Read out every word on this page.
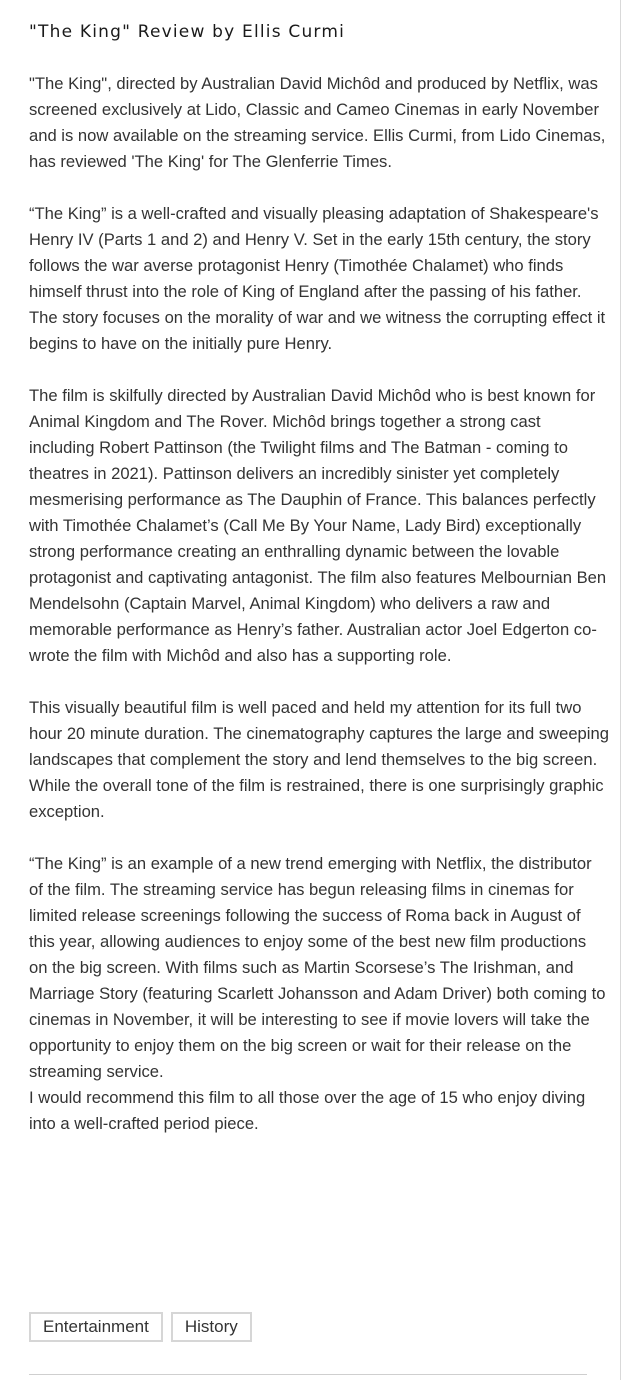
"The King" Review by Ellis Curmi

"The King", directed by Australian David Michôd and produced by Netflix, was screened exclusively at Lido, Classic and Cameo Cinemas in early November and is now available on the streaming service. Ellis Curmi, from Lido Cinemas, has reviewed 'The King' for The Glenferrie Times.

“The King” is a well-crafted and visually pleasing adaptation of Shakespeare's Henry IV (Parts 1 and 2) and Henry V. Set in the early 15th century, the story follows the war averse protagonist Henry (Timothée Chalamet) who finds himself thrust into the role of King of England after the passing of his father. The story focuses on the morality of war and we witness the corrupting effect it begins to have on the initially pure Henry.

The film is skilfully directed by Australian David Michôd who is best known for Animal Kingdom and The Rover. Michôd brings together a strong cast including Robert Pattinson (the Twilight films and The Batman - coming to theatres in 2021). Pattinson delivers an incredibly sinister yet completely mesmerising performance as The Dauphin of France. This balances perfectly with Timothée Chalamet’s (Call Me By Your Name, Lady Bird) exceptionally strong performance creating an enthralling dynamic between the lovable protagonist and captivating antagonist. The film also features Melbournian Ben Mendelsohn (Captain Marvel, Animal Kingdom) who delivers a raw and memorable performance as Henry’s father. Australian actor Joel Edgerton co-wrote the film with Michôd and also has a supporting role.

This visually beautiful film is well paced and held my attention for its full two hour 20 minute duration. The cinematography captures the large and sweeping landscapes that complement the story and lend themselves to the big screen. While the overall tone of the film is restrained, there is one surprisingly graphic exception.

“The King” is an example of a new trend emerging with Netflix, the distributor of the film. The streaming service has begun releasing films in cinemas for limited release screenings following the success of Roma back in August of this year, allowing audiences to enjoy some of the best new film productions on the big screen. With films such as Martin Scorsese’s The Irishman, and Marriage Story (featuring Scarlett Johansson and Adam Driver) both coming to cinemas in November, it will be interesting to see if movie lovers will take the opportunity to enjoy them on the big screen or wait for their release on the streaming service.

I would recommend this film to all those over the age of 15 who enjoy diving into a well-crafted period piece.

Entertainment	History
